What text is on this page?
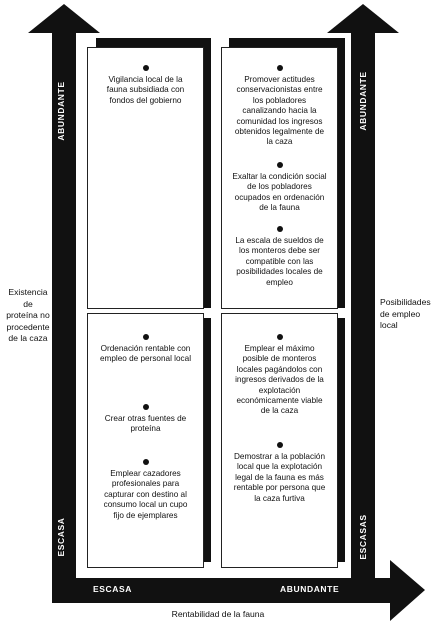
ABUNDANTE
ESCASA
ABUNDANTE
ESCASAS
ESCASA	ABUNDANTE
Existencia
de
proteína no
procedente
de la caza
Posibilidades
de empleo
local
Rentabilidad de la fauna
Vigilancia local de la fauna subsidiada con fondos del gobierno
Promover actitudes conservacionistas entre los pobladores canalizando hacia la comunidad los ingresos obtenidos legalmente de la caza
Exaltar la condición social de los pobladores ocupados en ordenación de la fauna
La escala de sueldos de los monteros debe ser compatible con las posibilidades locales de empleo
Ordenación rentable con empleo de personal local
Crear otras fuentes de proteína
Emplear cazadores profesionales para capturar con destino al consumo local un cupo fijo de ejemplares
Emplear el máximo posible de monteros locales pagándolos con ingresos derivados de la explotación económicamente viable de la caza
Demostrar a la población local que la explotación legal de la fauna es más rentable por persona que la caza furtiva
